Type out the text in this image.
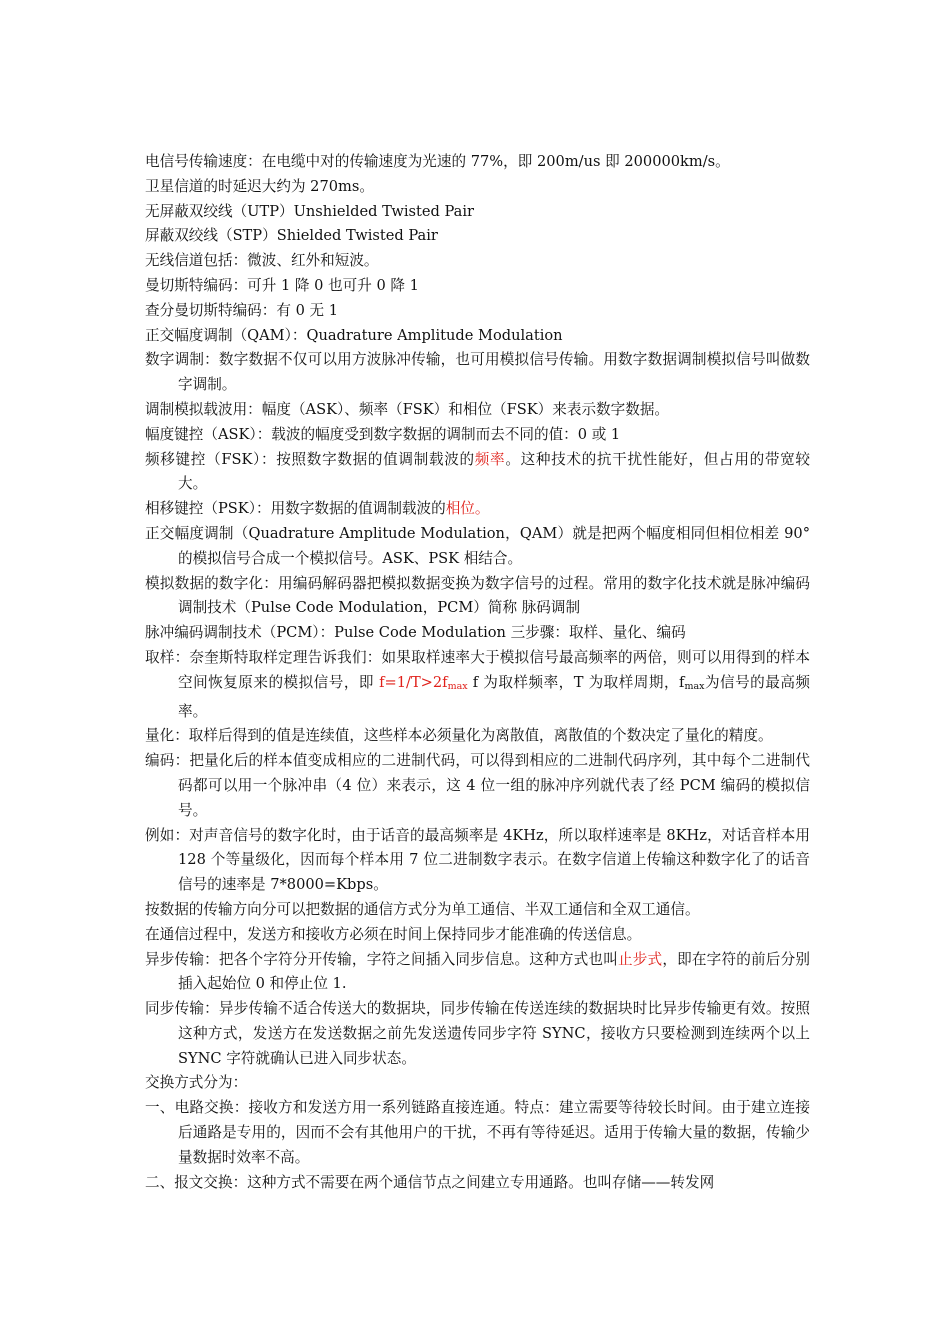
电信号传输速度：在电缆中对的传输速度为光速的 77%，即 200m/us 即 200000km/s。

卫星信道的时延迟大约为 270ms。

无屏蔽双绞线（UTP）Unshielded Twisted Pair

屏蔽双绞线（STP）Shielded Twisted Pair

无线信道包括：微波、红外和短波。

曼切斯特编码：可升 1 降 0 也可升 0 降 1

查分曼切斯特编码：有 0 无 1

正交幅度调制（QAM）：Quadrature Amplitude Modulation

数字调制：数字数据不仅可以用方波脉冲传输，也可用模拟信号传输。用数字数据调制模拟信号叫做数字调制。

调制模拟载波用：幅度（ASK）、频率（FSK）和相位（FSK）来表示数字数据。

幅度键控（ASK）：载波的幅度受到数字数据的调制而去不同的值：0 或 1

频移键控（FSK）：按照数字数据的值调制载波的频率。这种技术的抗干扰性能好，但占用的带宽较大。

相移键控（PSK）：用数字数据的值调制载波的相位。

正交幅度调制（Quadrature Amplitude Modulation，QAM）就是把两个幅度相同但相位相差 90°的模拟信号合成一个模拟信号。ASK、PSK 相结合。

模拟数据的数字化：用编码解码器把模拟数据变换为数字信号的过程。常用的数字化技术就是脉冲编码调制技术（Pulse Code Modulation，PCM）简称 脉码调制

脉冲编码调制技术（PCM）：Pulse Code Modulation 三步骤：取样、量化、编码

取样：奈奎斯特取样定理告诉我们：如果取样速率大于模拟信号最高频率的两倍，则可以用得到的样本空间恢复原来的模拟信号，即 $f=1/T>2f_{max}$ f 为取样频率，T 为取样周期，$f_{max}$为信号的最高频率。

量化：取样后得到的值是连续值，这些样本必须量化为离散值，离散值的个数决定了量化的精度。

编码：把量化后的样本值变成相应的二进制代码，可以得到相应的二进制代码序列，其中每个二进制代码都可以用一个脉冲串（4 位）来表示，这 4 位一组的脉冲序列就代表了经 PCM 编码的模拟信号。

例如：对声音信号的数字化时，由于话音的最高频率是 4KHz，所以取样速率是 8KHz，对话音样本用 128 个等量级化，因而每个样本用 7 位二进制数字表示。在数字信道上传输这种数字化了的话音信号的速率是 7*8000=Kbps。

按数据的传输方向分可以把数据的通信方式分为单工通信、半双工通信和全双工通信。

在通信过程中，发送方和接收方必须在时间上保持同步才能准确的传送信息。

异步传输：把各个字符分开传输，字符之间插入同步信息。这种方式也叫止步式，即在字符的前后分别插入起始位 0 和停止位 1.

同步传输：异步传输不适合传送大的数据块，同步传输在传送连续的数据块时比异步传输更有效。按照这种方式，发送方在发送数据之前先发送遗传同步字符 SYNC，接收方只要检测到连续两个以上 SYNC 字符就确认已进入同步状态。

交换方式分为：

一、电路交换：接收方和发送方用一系列链路直接连通。特点：建立需要等待较长时间。由于建立连接后通路是专用的，因而不会有其他用户的干扰，不再有等待延迟。适用于传输大量的数据，传输少量数据时效率不高。

二、报文交换：这种方式不需要在两个通信节点之间建立专用通路。也叫存储——转发网
